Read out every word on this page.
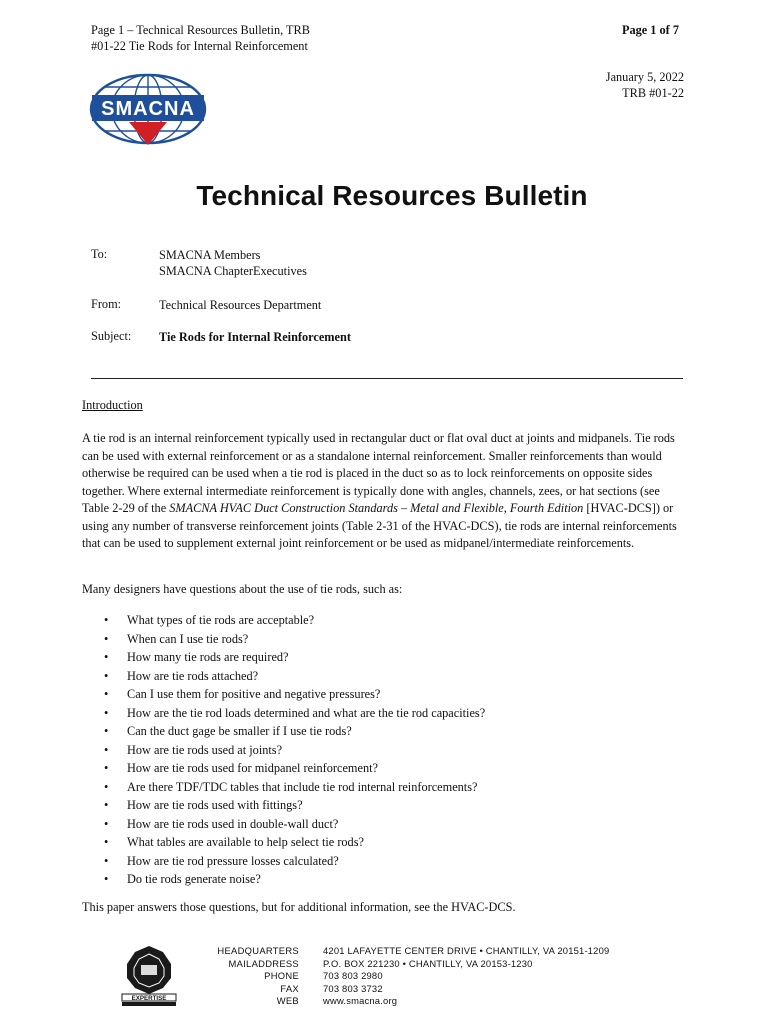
Page 1 – Technical Resources Bulletin, TRB
#01-22 Tie Rods for Internal Reinforcement
Page 1 of 7
January 5, 2022
TRB #01-22
SMACNA
Technical Resources Bulletin
To:	SMACNA Members
SMACNA ChapterExecutives
From:	Technical Resources Department
Subject: Tie Rods for Internal Reinforcement
Introduction
A tie rod is an internal reinforcement typically used in rectangular duct or flat oval duct at joints and midpanels. Tie rods can be used with external reinforcement or as a standalone internal reinforcement. Smaller reinforcements than would otherwise be required can be used when a tie rod is placed in the duct so as to lock reinforcements on opposite sides together. Where external intermediate reinforcement is typically done with angles, channels, zees, or hat sections (see Table 2-29 of the SMACNA HVAC Duct Construction Standards – Metal and Flexible, Fourth Edition [HVAC-DCS]) or using any number of transverse reinforcement joints (Table 2-31 of the HVAC-DCS), tie rods are internal reinforcements that can be used to supplement external joint reinforcement or be used as midpanel/intermediate reinforcements.
Many designers have questions about the use of tie rods, such as:
• What types of tie rods are acceptable?
• When can I use tie rods?
• How many tie rods are required?
• How are tie rods attached?
• Can I use them for positive and negative pressures?
• How are the tie rod loads determined and what are the tie rod capacities?
• Can the duct gage be smaller if I use tie rods?
• How are tie rods used at joints?
• How are tie rods used for midpanel reinforcement?
• Are there TDF/TDC tables that include tie rod internal reinforcements?
• How are tie rods used with fittings?
• How are tie rods used in double-wall duct?
• What tables are available to help select tie rods?
• How are tie rod pressure losses calculated?
• Do tie rods generate noise?
This paper answers those questions, but for additional information, see the HVAC-DCS.
EXPERTISE
HEADQUARTERS
MAILADDRESS
PHONE
FAX
WEB
4201 LAFAYETTE CENTER DRIVE • CHANTILLY, VA 20151-1209
P.O. BOX 221230 • CHANTILLY, VA 20153-1230
703 803 2980
703 803 3732
www.smacna.org
